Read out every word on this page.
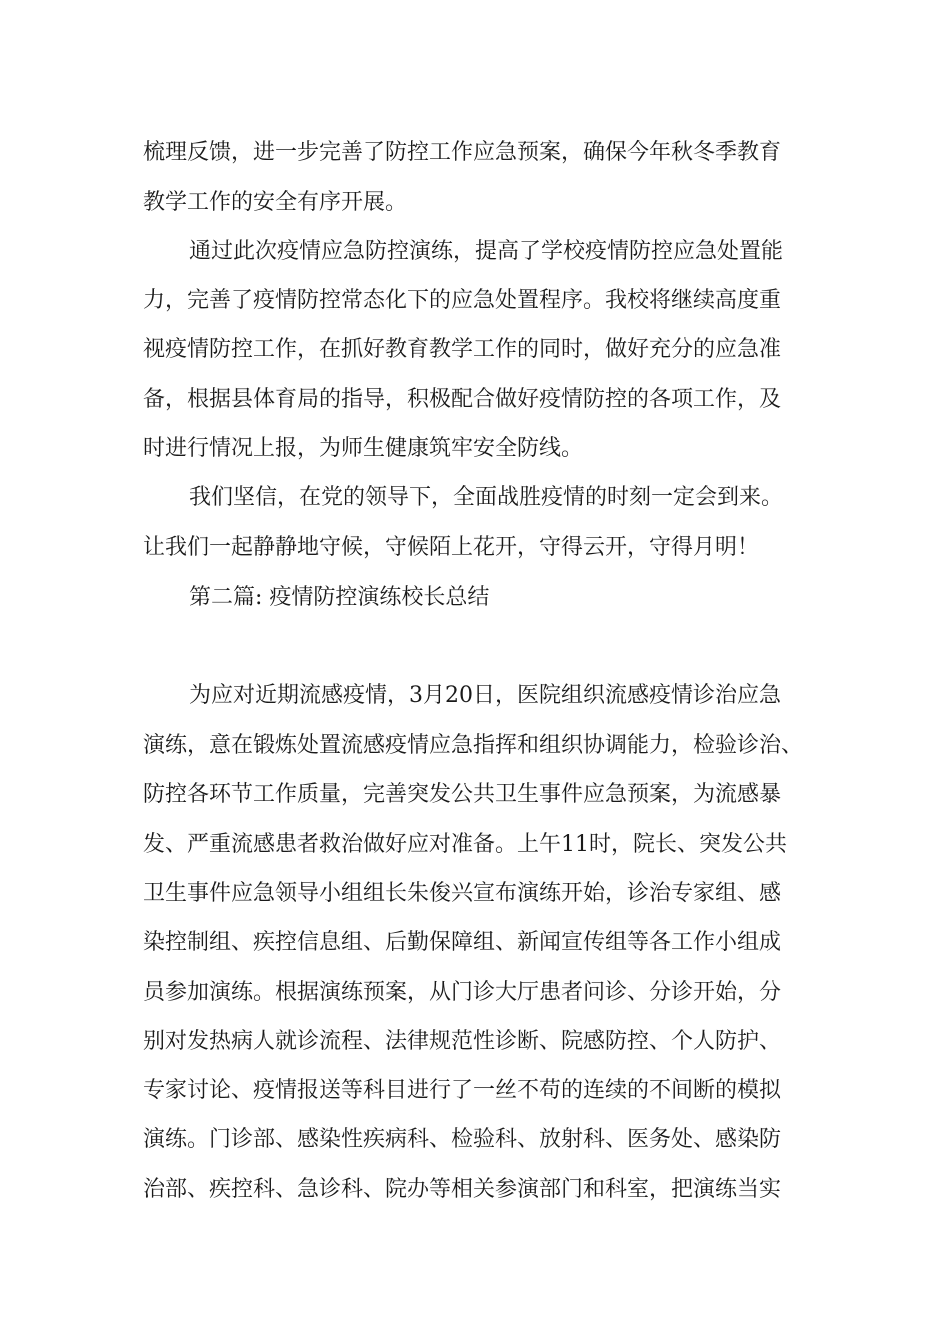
梳理反馈，进一步完善了防控工作应急预案，确保今年秋冬季教育
教学工作的安全有序开展。
通过此次疫情应急防控演练，提高了学校疫情防控应急处置能
力，完善了疫情防控常态化下的应急处置程序。我校将继续高度重
视疫情防控工作，在抓好教育教学工作的同时，做好充分的应急准
备，根据县体育局的指导，积极配合做好疫情防控的各项工作，及
时进行情况上报，为师生健康筑牢安全防线。
我们坚信，在党的领导下，全面战胜疫情的时刻一定会到来。
让我们一起静静地守候，守候陌上花开，守得云开，守得月明！
第二篇: 疫情防控演练校长总结
为应对近期流感疫情，3月20日，医院组织流感疫情诊治应急
演练，意在锻炼处置流感疫情应急指挥和组织协调能力，检验诊治、
防控各环节工作质量，完善突发公共卫生事件应急预案，为流感暴
发、严重流感患者救治做好应对准备。上午11时，院长、突发公共
卫生事件应急领导小组组长朱俊兴宣布演练开始，诊治专家组、感
染控制组、疾控信息组、后勤保障组、新闻宣传组等各工作小组成
员参加演练。根据演练预案，从门诊大厅患者问诊、分诊开始，分
别对发热病人就诊流程、法律规范性诊断、院感防控、个人防护、
专家讨论、疫情报送等科目进行了一丝不苟的连续的不间断的模拟
演练。门诊部、感染性疾病科、检验科、放射科、医务处、感染防
治部、疾控科、急诊科、院办等相关参演部门和科室，把演练当实
